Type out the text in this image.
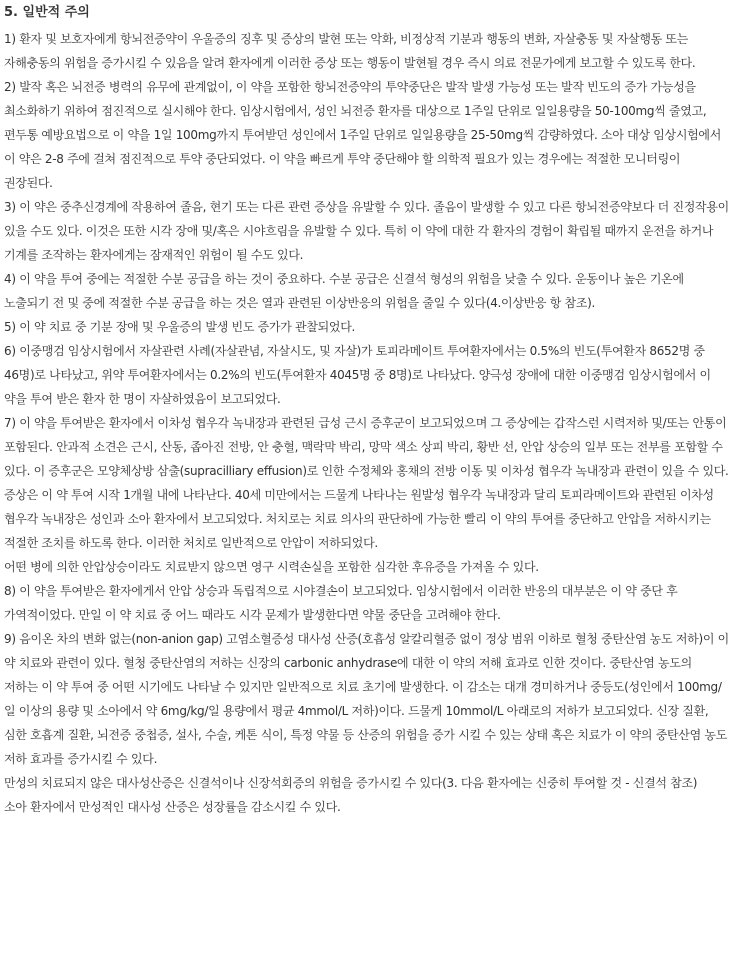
5. 일반적 주의

1) 환자 및 보호자에게 항뇌전증약이 우울증의 징후 및 증상의 발현 또는 악화, 비정상적 기분과 행동의 변화, 자살충동 및 자살행동 또는 자해충동의 위험을 증가시킬 수 있음을 알려 환자에게 이러한 증상 또는 행동이 발현될 경우 즉시 의료 전문가에게 보고할 수 있도록 한다.

2) 발작 혹은 뇌전증 병력의 유무에 관계없이, 이 약을 포함한 항뇌전증약의 투약중단은 발작 발생 가능성 또는 발작 빈도의 증가 가능성을 최소화하기 위하여 점진적으로 실시해야 한다. 임상시험에서, 성인 뇌전증 환자를 대상으로 1주일 단위로 일일용량을 50-100mg씩 줄였고, 편두통 예방요법으로 이 약을 1일 100mg까지 투여받던 성인에서 1주일 단위로 일일용량을 25-50mg씩 감량하였다. 소아 대상 임상시험에서 이 약은 2-8 주에 걸쳐 점진적으로 투약 중단되었다. 이 약을 빠르게 투약 중단해야 할 의학적 필요가 있는 경우에는 적절한 모니터링이 권장된다.

3) 이 약은 중추신경계에 작용하여 졸음, 현기 또는 다른 관련 증상을 유발할 수 있다. 졸음이 발생할 수 있고 다른 항뇌전증약보다 더 진정작용이 있을 수도 있다. 이것은 또한 시각 장애 및/혹은 시야흐림을 유발할 수 있다. 특히 이 약에 대한 각 환자의 경험이 확립될 때까지 운전을 하거나 기계를 조작하는 환자에게는 잠재적인 위험이 될 수도 있다.

4) 이 약을 투여 중에는 적절한 수분 공급을 하는 것이 중요하다. 수분 공급은 신결석 형성의 위험을 낮출 수 있다. 운동이나 높은 기온에 노출되기 전 및 중에 적절한 수분 공급을 하는 것은 열과 관련된 이상반응의 위험을 줄일 수 있다(4.이상반응 항 참조).

5) 이 약 치료 중 기분 장애 및 우울증의 발생 빈도 증가가 관찰되었다.

6) 이중맹검 임상시험에서 자살관련 사례(자살관념, 자살시도, 및 자살)가 토피라메이트 투여환자에서는 0.5%의 빈도(투여환자 8652명 중 46명)로 나타났고, 위약 투여환자에서는 0.2%의 빈도(투여환자 4045명 중 8명)로 나타났다. 양극성 장애에 대한 이중맹검 임상시험에서 이 약을 투여 받은 환자 한 명이 자살하였음이 보고되었다.

7) 이 약을 투여받은 환자에서 이차성 협우각 녹내장과 관련된 급성 근시 증후군이 보고되었으며 그 증상에는 갑작스런 시력저하 및/또는 안통이 포함된다. 안과적 소견은 근시, 산동, 좁아진 전방, 안 충혈, 맥락막 박리, 망막 색소 상피 박리, 황반 선, 안압 상승의 일부 또는 전부를 포함할 수 있다. 이 증후군은 모양체상방 삼출(supracilliary effusion)로 인한 수정체와 홍채의 전방 이동 및 이차성 협우각 녹내장과 관련이 있을 수 있다. 증상은 이 약 투여 시작 1개월 내에 나타난다. 40세 미만에서는 드물게 나타나는 원발성 협우각 녹내장과 달리 토피라메이트와 관련된 이차성 협우각 녹내장은 성인과 소아 환자에서 보고되었다. 처치로는 치료 의사의 판단하에 가능한 빨리 이 약의 투여를 중단하고 안압을 저하시키는 적절한 조치를 하도록 한다. 이러한 처치로 일반적으로 안압이 저하되었다.

어떤 병에 의한 안압상승이라도 치료받지 않으면 영구 시력손실을 포함한 심각한 후유증을 가져올 수 있다.

8) 이 약을 투여받은 환자에게서 안압 상승과 독립적으로 시야결손이 보고되었다. 임상시험에서 이러한 반응의 대부분은 이 약 중단 후 가역적이었다. 만일 이 약 치료 중 어느 때라도 시각 문제가 발생한다면 약물 중단을 고려해야 한다.

9) 음이온 차의 변화 없는(non-anion gap) 고염소혈증성 대사성 산증(호흡성 알칼리혈증 없이 정상 범위 이하로 혈청 중탄산염 농도 저하)이 이 약 치료와 관련이 있다. 혈청 중탄산염의 저하는 신장의 carbonic anhydrase에 대한 이 약의 저해 효과로 인한 것이다. 중탄산염 농도의 저하는 이 약 투여 중 어떤 시기에도 나타날 수 있지만 일반적으로 치료 초기에 발생한다. 이 감소는 대개 경미하거나 중등도(성인에서 100mg/일 이상의 용량 및 소아에서 약 6mg/kg/일 용량에서 평균 4mmol/L 저하)이다. 드물게 10mmol/L 아래로의 저하가 보고되었다. 신장 질환, 심한 호흡계 질환, 뇌전증 중첩증, 설사, 수술, 케톤 식이, 특정 약물 등 산증의 위험을 증가 시킬 수 있는 상태 혹은 치료가 이 약의 중탄산염 농도 저하 효과를 증가시킬 수 있다.

만성의 치료되지 않은 대사성산증은 신결석이나 신장석회증의 위험을 증가시킬 수 있다(3. 다음 환자에는 신중히 투여할 것 - 신결석 참조)

소아 환자에서 만성적인 대사성 산증은 성장률을 감소시킬 수 있다.
